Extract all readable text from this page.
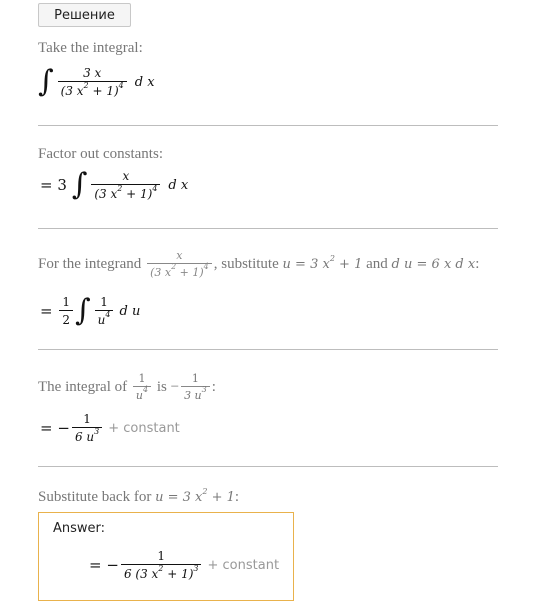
Решение
Take the integral:
∫ $\frac{3 x}{(3 x^2 + 1)^4}$ d x
Factor out constants:
=
3
∫ $\frac{x}{(3 x^2 + 1)^4}$ d x
For the integrand
$\frac{x}{(3 x^2 + 1)^4}$ , substitute
u = 3 $x^2 + 1$
and
d u = 6 x d x :
=
$\frac{1}{2}$ ∫ $\frac{1}{u^4}$ d u
The integral of
$\frac{1}{u^4}$
is
− $\frac{1}{3 u^3}$ :
=
− $\frac{1}{6 u^3}$ + constant
Substitute back for u = 3 $x^2 + 1$:
Answer:
=
− $\frac{1}{6 (3 x^2 + 1)^3}$ + constant
